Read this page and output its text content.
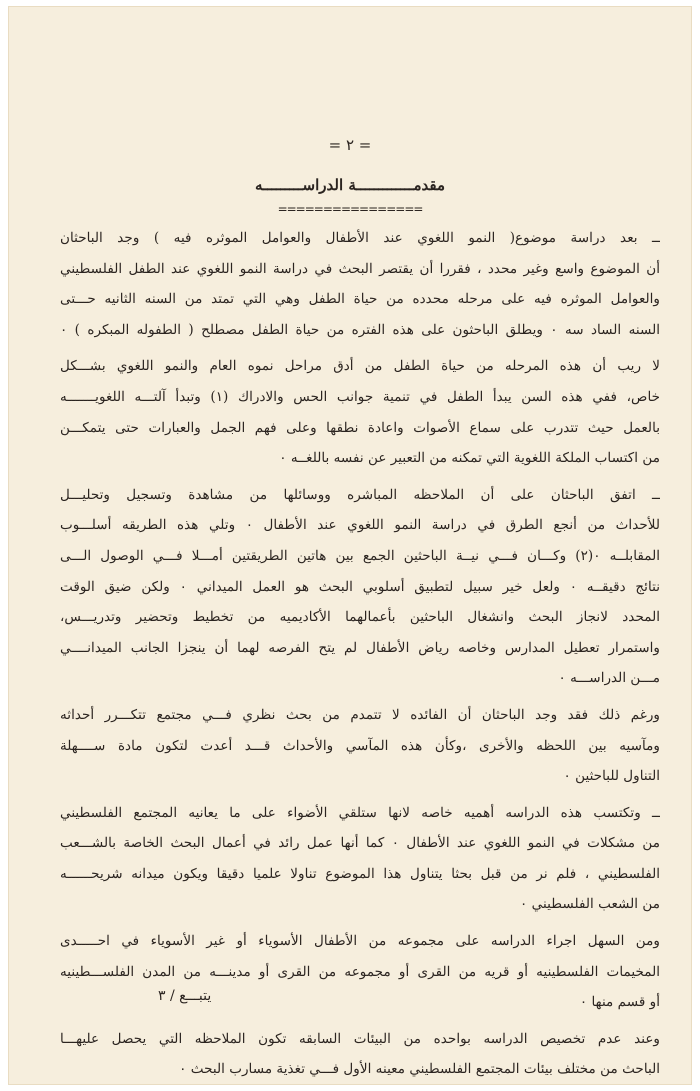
= ٢ =
مقدمـــــــــــــة الدراســـــــــه
================
ــ بعد دراسة موضوع( النمو اللغوي عند الأطفال والعوامل الموثره فيه ) وجد الباحثان
أن الموضوع واسع وغير محدد ، فقررا أن يقتصر البحث في دراسة النمو اللغوي عند الطفل الفلسطيني
والعوامل الموثره فيه على مرحله محدده من حياة الطفل وهي التي تمتد من السنه الثانيه حـــتى
السنه الساد سه ٠ ويطلق الباحثون على هذه الفتره من حياة الطفل مصطلح ( الطفوله المبكره ) ٠
لا ريب أن هذه المرحله من حياة الطفل من أدق مراحل نموه العام والنمو اللغوي بشـــكل
خاص، ففي هذه السن يبدأ الطفل في تنمية جوانب الحس والادراك (١) وتبدأ آلتـــه اللغويـــــــه
بالعمل حيث تتدرب على سماع الأصوات واعادة نطقها وعلى فهم الجمل والعبارات حتى يتمكـــن
من اكتساب الملكة اللغوية التي تمكنه من التعبير عن نفسه باللغــه ٠
ــ اتفق الباحثان على أن الملاحظه المباشره ووسائلها من مشاهدة وتسجيل وتحليـــل
للأحداث من أنجع الطرق في دراسة النمو اللغوي عند الأطفال ٠ وتلي هذه الطريقه أسلـــوب
المقابلــه ٠(٢) وكـــان فـــي نيــة الباحثين الجمع بين هاتين الطريقتين أمـــلا فـــي الوصول الـــى
نتائج دقيقــه ٠ ولعل خير سبيل لتطبيق أسلوبي البحث هو العمل الميداني ٠ ولكن ضيق الوقت
المحدد لانجاز البحث وانشغال الباحثين بأعمالهما الأكاديميه من تخطيط وتحضير وتدريـــس،
واستمرار تعطيل المدارس وخاصه رياض الأطفال لم يتح الفرصه لهما أن ينجزا الجانب الميدانــــي
مـــن الدراســـه ٠
ورغم ذلك فقد وجد الباحثان أن الفائده لا تتمدم من بحث نظري فـــي مجتمع تتكـــرر أحداثه
ومآسيه بين اللحظه والأخرى ،وكأن هذه المآسي والأحداث قـــد أعدت لتكون مادة ســــهلة
التناول للباحثين ٠
ــ وتكتسب هذه الدراسه أهميه خاصه لانها ستلقي الأضواء على ما يعانيه المجتمع الفلسطيني
من مشكلات في النمو اللغوي عند الأطفال ٠ كما أنها عمل رائد في أعمال البحث الخاصة بالشـــعب
الفلسطيني ، فلم نر من قبل بحثا يتناول هذا الموضوع تناولا علميا دقيقا ويكون ميدانه شريحــــــه
من الشعب الفلسطيني ٠
ومن السهل اجراء الدراسه على مجموعه من الأطفال الأسوياء أو غير الأسوياء في احـــــدى
المخيمات الفلسطينيه أو قريه من القرى أو مجموعه من القرى أو مدينـــه من المدن الفلســـطينيه
أو قسم منها ٠
وعند عدم تخصيص الدراسه بواحده من البيئات السابقه تكون الملاحظه التي يحصل عليهـــا
الباحث من مختلف بيئات المجتمع الفلسطيني معينه الأول فـــي تغذية مسارب البحث ٠
يتبـــع / ٣
